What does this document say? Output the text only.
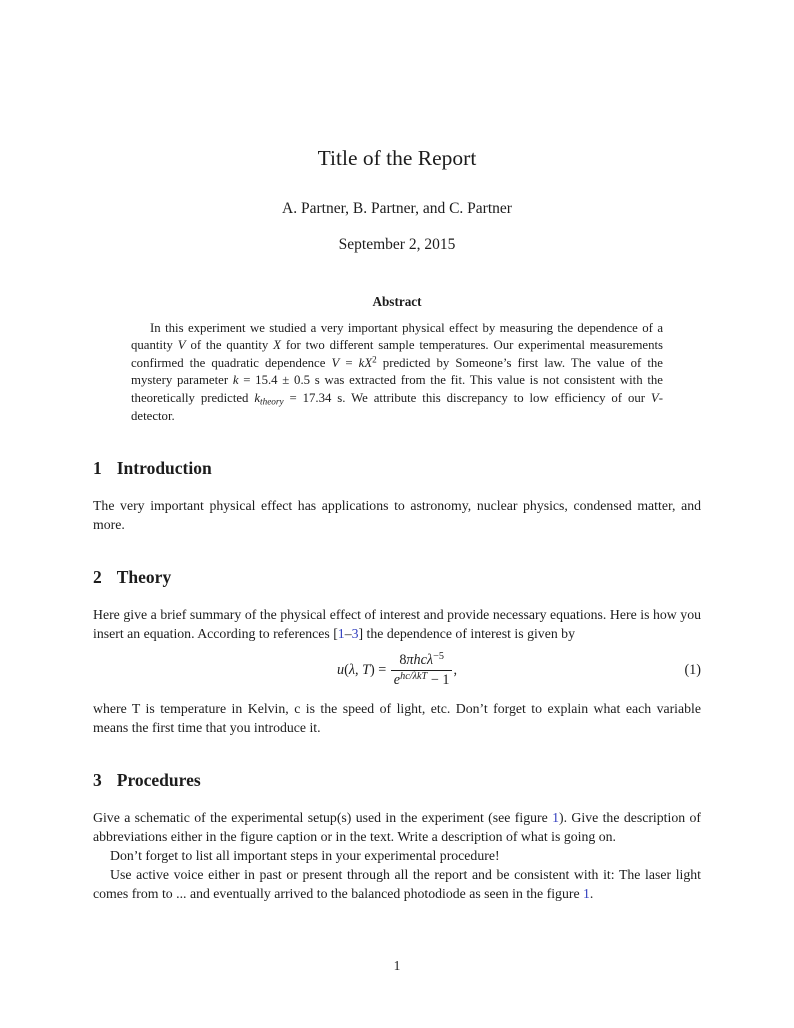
Title of the Report
A. Partner, B. Partner, and C. Partner
September 2, 2015
Abstract

In this experiment we studied a very important physical effect by measuring the dependence of a quantity V of the quantity X for two different sample temperatures. Our experimental measurements confirmed the quadratic dependence $V = kX^2$ predicted by Someone’s first law. The value of the mystery parameter k = 15.4 ± 0.5 s was extracted from the fit. This value is not consistent with the theoretically predicted ktheory = 17.34 s. We attribute this discrepancy to low efficiency of our V-detector.

1 Introduction

The very important physical effect has applications to astronomy, nuclear physics, condensed matter, and more.

2 Theory

Here give a brief summary of the physical effect of interest and provide necessary equations. Here is how you insert an equation. According to references [1–3] the dependence of interest is given by

u(λ, $T) = \frac{8\pi hc\lambda^{-5}}{e^{hc/\lambda kT} - 1}$ ,	(1)

where T is temperature in Kelvin, c is the speed of light, etc. Don’t forget to explain what each variable means the first time that you introduce it.

3 Procedures

Give a schematic of the experimental setup(s) used in the experiment (see figure 1). Give the description of abbreviations either in the figure caption or in the text. Write a description of what is going on.

Don’t forget to list all important steps in your experimental procedure!

Use active voice either in past or present through all the report and be consistent with it: The laser light comes from to ... and eventually arrived to the balanced photodiode as seen in the figure 1.

1
